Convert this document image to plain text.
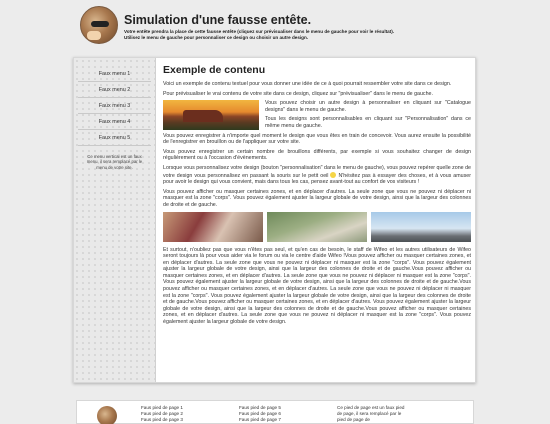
Simulation d'une fausse entête.
Votre entête prendra la place de cette fausse entête (cliquez sur prévisualiser dans le menu de gauche pour voir le résultat).
Utilisez le menu de gauche pour personnaliser ce design ou choisir un autre design.
Faux menu 1
Faux menu 2
Faux menu 3
Faux menu 4
Faux menu 5
Ce menu vertical est un faux menu, il sera remplacé par le menu de votre site.
Exemple de contenu

Voici un exemple de contenu textuel pour vous donner une idée de ce à quoi pourrait ressembler votre site dans ce design.

Pour prévisualiser le vrai contenu de votre site dans ce design, cliquez sur "prévisualiser" dans le menu de gauche.

Vous pouvez choisir un autre design à personnaliser en cliquant sur "Catalogue designs" dans le menu de gauche.

Tous les designs sont personnalisables en cliquant sur "Personnalisation" dans ce même menu de gauche.

Vous pouvez enregistrer à n'importe quel moment le design que vous êtes en train de concevoir. Vous aurez ensuite la possibilité de l'enregistrer en brouillon ou de l'appliquer sur votre site.

Vous pouvez enregistrer un certain nombre de brouillons différents, par exemple si vous souhaitez changer de design régulièrement ou à l'occasion d'évènements.

Lorsque vous personnalisez votre design (bouton "personnalisation" dans le menu de gauche), vous pouvez repérer quelle zone de votre design vous personnalisez en passant la souris sur le petit oeil N'hésitez pas à essayer des choses, et à vous amuser pour avoir le design qui vous convient, mais dans tous les cas, pensez avant-tout au confort de vos visiteurs !

Vous pouvez afficher ou masquer certaines zones, et en déplacer d'autres. La seule zone que vous ne pouvez ni déplacer ni masquer est la zone "corps". Vous pouvez également ajuster la largeur globale de votre design, ainsi que la largeur des colonnes de droite et de gauche.

Et surtout, n'oubliez pas que vous n'êtes pas seul, et qu'en cas de besoin, le staff de Wifeo et les autres utilisateurs de Wifeo seront toujours là pour vous aider via le forum ou via le centre d'aide Wifeo !Vous pouvez afficher ou masquer certaines zones, et en déplacer d'autres. La seule zone que vous ne pouvez ni déplacer ni masquer est la zone "corps". Vous pouvez également ajuster la largeur globale de votre design, ainsi que la largeur des colonnes de droite et de gauche.Vous pouvez afficher ou masquer certaines zones, et en déplacer d'autres. La seule zone que vous ne pouvez ni déplacer ni masquer est la zone "corps". Vous pouvez également ajuster la largeur globale de votre design, ainsi que la largeur des colonnes de droite et de gauche.Vous pouvez afficher ou masquer certaines zones, et en déplacer d'autres. La seule zone que vous ne pouvez ni déplacer ni masquer est la zone "corps". Vous pouvez également ajuster la largeur globale de votre design, ainsi que la largeur des colonnes de droite et de gauche.Vous pouvez afficher ou masquer certaines zones, et en déplacer d'autres. Vous pouvez également ajuster la largeur globale de votre design, ainsi que la largeur des colonnes de droite et de gauche.Vous pouvez afficher ou masquer certaines zones, et en déplacer d'autres. La seule zone que vous ne pouvez ni déplacer ni masquer est la zone "corps". Vous pouvez également ajuster la largeur globale de votre design.

Faus pied de page 1
Faus pied de page 2
Faus pied de page 3
Faus pied de page 5
Faus pied de page 6
Faus pied de page 7
Ce pied de page est un faux pied de page, il sera remplacé par le pied de page de
